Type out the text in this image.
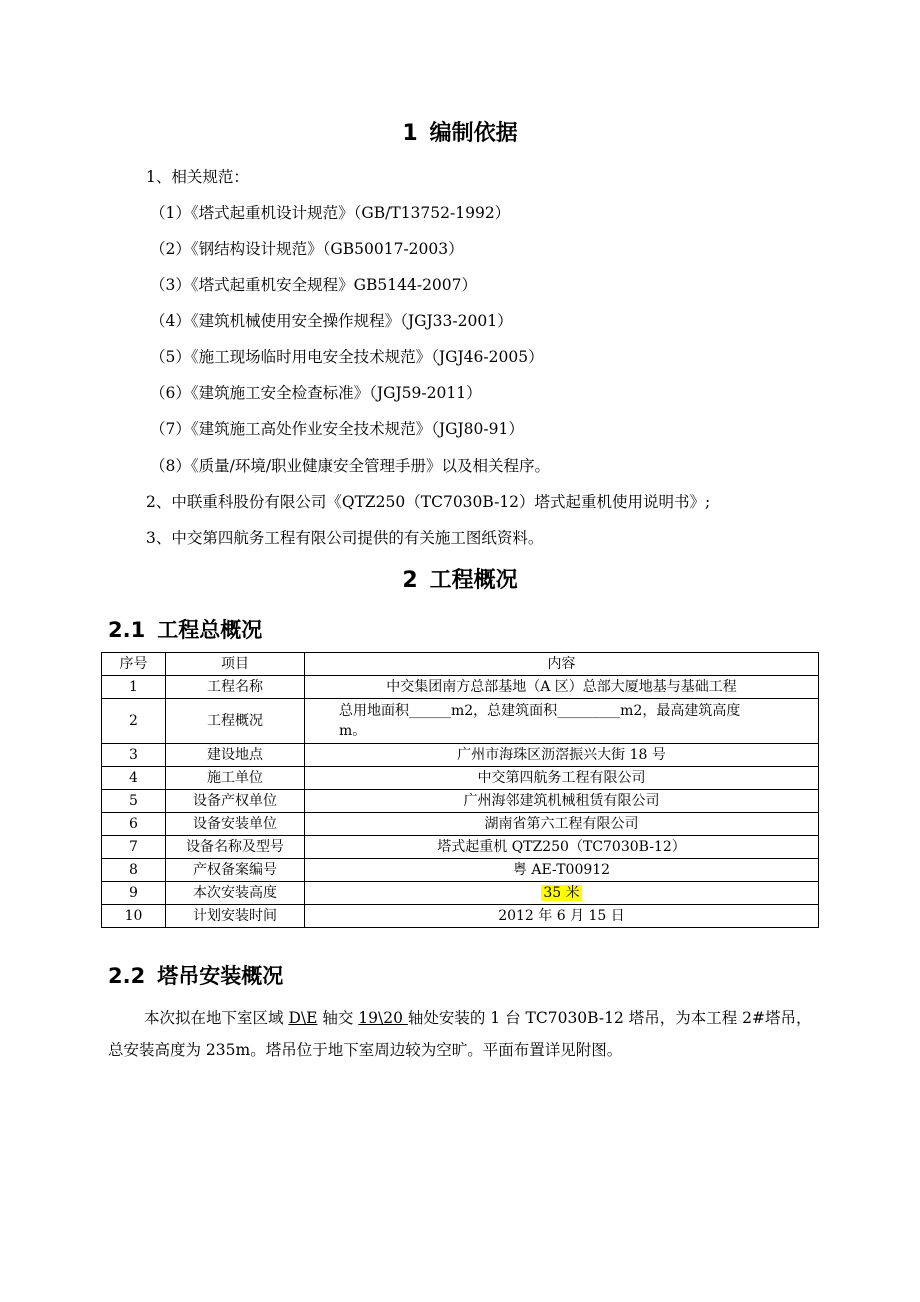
1 编制依据
1、相关规范：
（1）《塔式起重机设计规范》（GB/T13752-1992）
（2）《钢结构设计规范》（GB50017-2003）
（3）《塔式起重机安全规程》GB5144-2007）
（4）《建筑机械使用安全操作规程》（JGJ33-2001）
（5）《施工现场临时用电安全技术规范》（JGJ46-2005）
（6）《建筑施工安全检查标准》（JGJ59-2011）
（7）《建筑施工高处作业安全技术规范》（JGJ80-91）
（8）《质量/环境/职业健康安全管理手册》以及相关程序。
2、中联重科股份有限公司《QTZ250（TC7030B-12）塔式起重机使用说明书》;
3、中交第四航务工程有限公司提供的有关施工图纸资料。
2 工程概况
2.1 工程总概况
序号	项目	内容
1	工程名称	中交集团南方总部基地（A 区）总部大厦地基与基础工程
2	工程概况	总用地面积______m2，总建筑面积_________m2，最高建筑高度
m。

3	建设地点	广州市海珠区沥滘振兴大街 18 号
4	施工单位	中交第四航务工程有限公司
5	设备产权单位	广州海邻建筑机械租赁有限公司
6	设备安装单位	湖南省第六工程有限公司
7	设备名称及型号	塔式起重机 QTZ250（TC7030B-12）
8	产权备案编号	粤 AE-T00912
9	本次安装高度	35 米
10	计划安装时间	2012 年 6 月 15 日
2.2 塔吊安装概况
本次拟在地下室区域 D\E 轴交 19\20 轴处安装的 1 台 TC7030B-12 塔吊，为本工程 2#塔吊，总安装高度为 235m。塔吊位于地下室周边较为空旷。平面布置详见附图。
